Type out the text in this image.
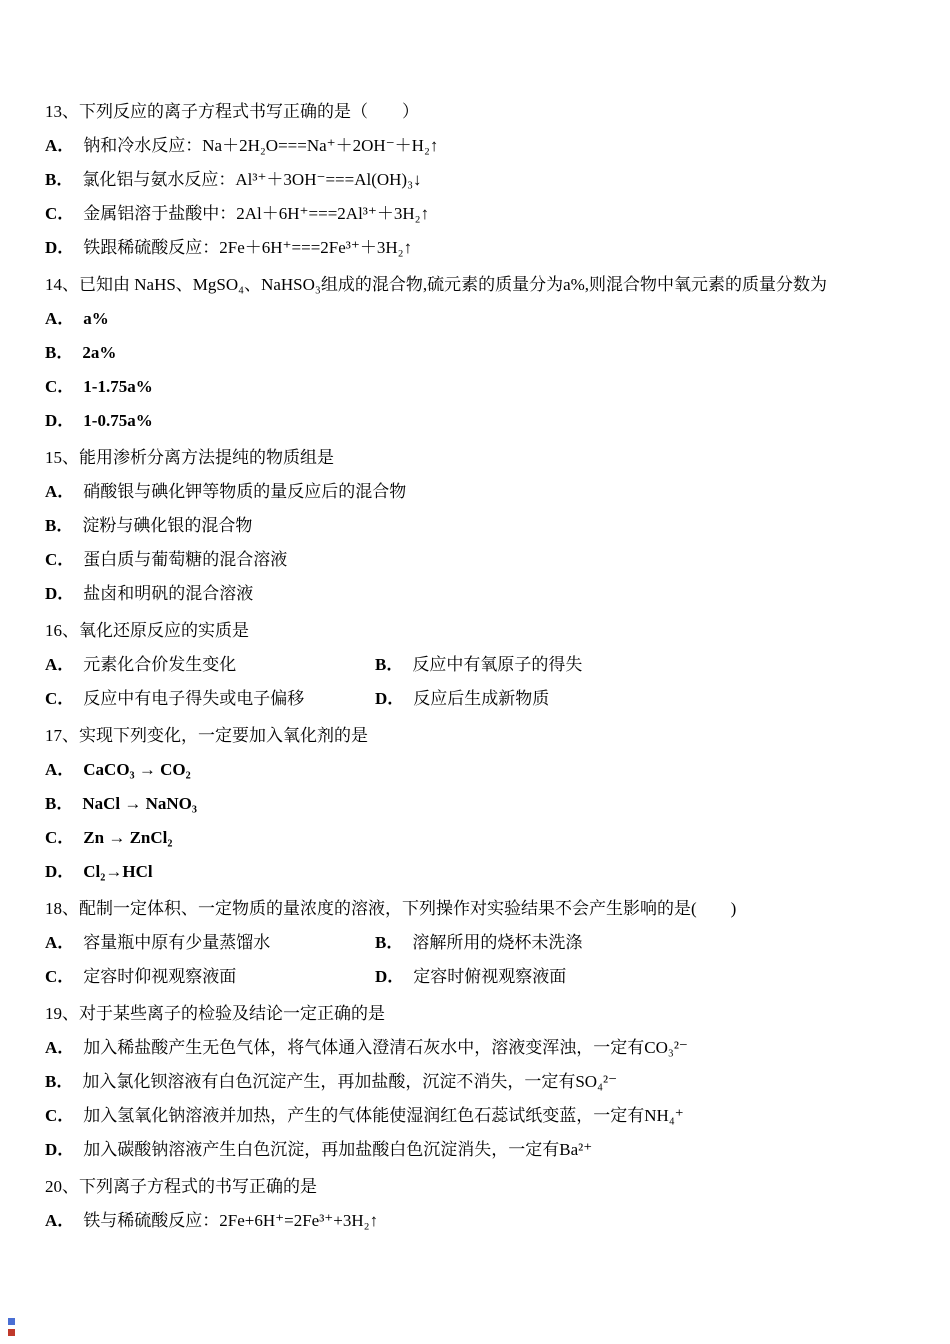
13、下列反应的离子方程式书写正确的是（　　）

A． 钠和冷水反应：Na＋2H₂O===Na⁺＋2OH⁻＋H₂↑

B． 氯化铝与氨水反应：Al³⁺＋3OH⁻===Al(OH)₃↓

C． 金属铝溶于盐酸中：2Al＋6H⁺===2Al³⁺＋3H₂↑

D． 铁跟稀硫酸反应：2Fe＋6H⁺===2Fe³⁺＋3H₂↑

14、已知由 NaHS、MgSO₄、NaHSO₃组成的混合物,硫元素的质量分为a%,则混合物中氧元素的质量分数为

A． a%

B． 2a%

C． 1-1.75a%

D． 1-0.75a%

15、能用渗析分离方法提纯的物质组是

A． 硝酸银与碘化钾等物质的量反应后的混合物

B． 淀粉与碘化银的混合物

C． 蛋白质与葡萄糖的混合溶液

D． 盐卤和明矾的混合溶液

16、氧化还原反应的实质是

A． 元素化合价发生变化	B． 反应中有氧原子的得失

C． 反应中有电子得失或电子偏移	D． 反应后生成新物质

17、实现下列变化，一定要加入氧化剂的是

A． CaCO₃ → CO₂

B． NaCl → NaNO₃

C． Zn → ZnCl₂

D． Cl₂→HCl

18、配制一定体积、一定物质的量浓度的溶液，下列操作对实验结果不会产生影响的是(　　)

A． 容量瓶中原有少量蒸馏水	B． 溶解所用的烧杯未洗涤

C． 定容时仰视观察液面	D． 定容时俯视观察液面

19、对于某些离子的检验及结论一定正确的是

A． 加入稀盐酸产生无色气体，将气体通入澄清石灰水中，溶液变浑浊，一定有CO₃²⁻

B． 加入氯化钡溶液有白色沉淀产生，再加盐酸，沉淀不消失，一定有SO₄²⁻

C． 加入氢氧化钠溶液并加热，产生的气体能使湿润红色石蕊试纸变蓝，一定有NH₄⁺

D． 加入碳酸钠溶液产生白色沉淀，再加盐酸白色沉淀消失，一定有Ba²⁺

20、下列离子方程式的书写正确的是

A． 铁与稀硫酸反应：2Fe+6H⁺=2Fe³⁺+3H₂↑
